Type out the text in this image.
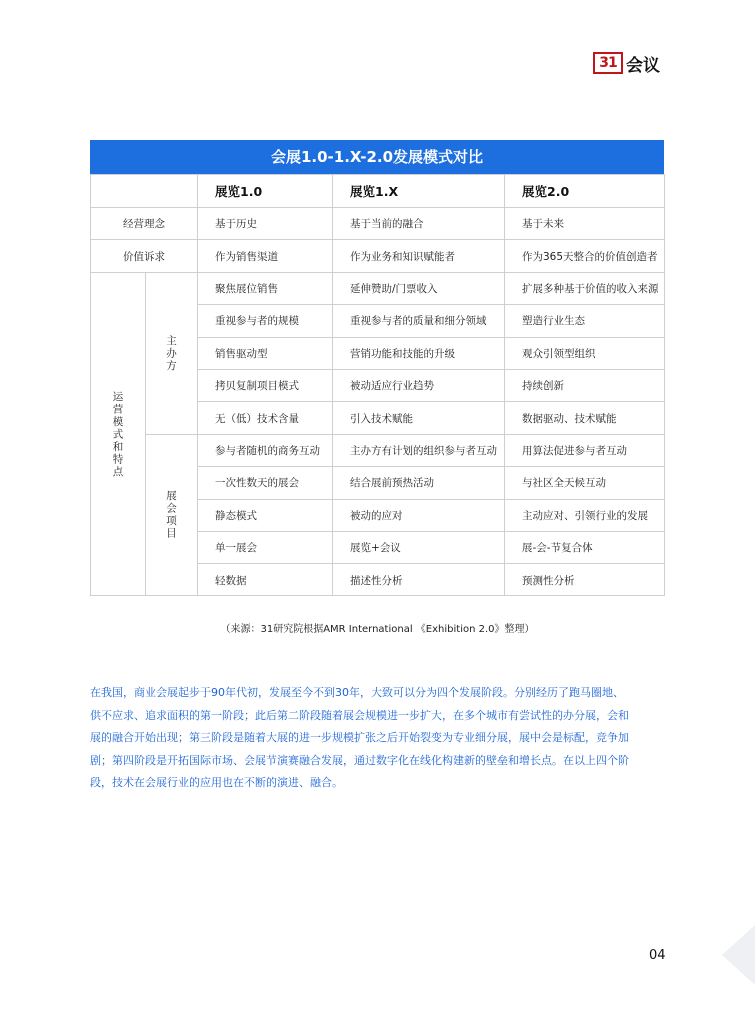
31 会议
会展1.0-1.X-2.0发展模式对比
展览1.0	展览1.X	展览2.0
经营理念	基于历史	基于当前的融合	基于未来
价值诉求	作为销售渠道	作为业务和知识赋能者	作为365天整合的价值创造者
运营模式和特点
主办方
聚焦展位销售	延伸赞助/门票收入	扩展多种基于价值的收入来源
重视参与者的规模	重视参与者的质量和细分领域	塑造行业生态
销售驱动型	营销功能和技能的升级	观众引领型组织
拷贝复制项目模式	被动适应行业趋势	持续创新
无（低）技术含量	引入技术赋能	数据驱动、技术赋能
展会项目
参与者随机的商务互动	主办方有计划的组织参与者互动	用算法促进参与者互动
一次性数天的展会	结合展前预热活动	与社区全天候互动
静态模式	被动的应对	主动应对、引领行业的发展
单一展会	展览+会议	展-会-节复合体
轻数据	描述性分析	预测性分析
（来源：31研究院根据AMR International 《Exhibition 2.0》整理）
在我国，商业会展起步于90年代初，发展至今不到30年，大致可以分为四个发展阶段。分别经历了跑马圈地、
供不应求、追求面积的第一阶段；此后第二阶段随着展会规模进一步扩大，在多个城市有尝试性的办分展，会和
展的融合开始出现；第三阶段是随着大展的进一步规模扩张之后开始裂变为专业细分展，展中会是标配，竞争加
剧；第四阶段是开拓国际市场、会展节演赛融合发展，通过数字化在线化构建新的壁垒和增长点。在以上四个阶
段，技术在会展行业的应用也在不断的演进、融合。
04
